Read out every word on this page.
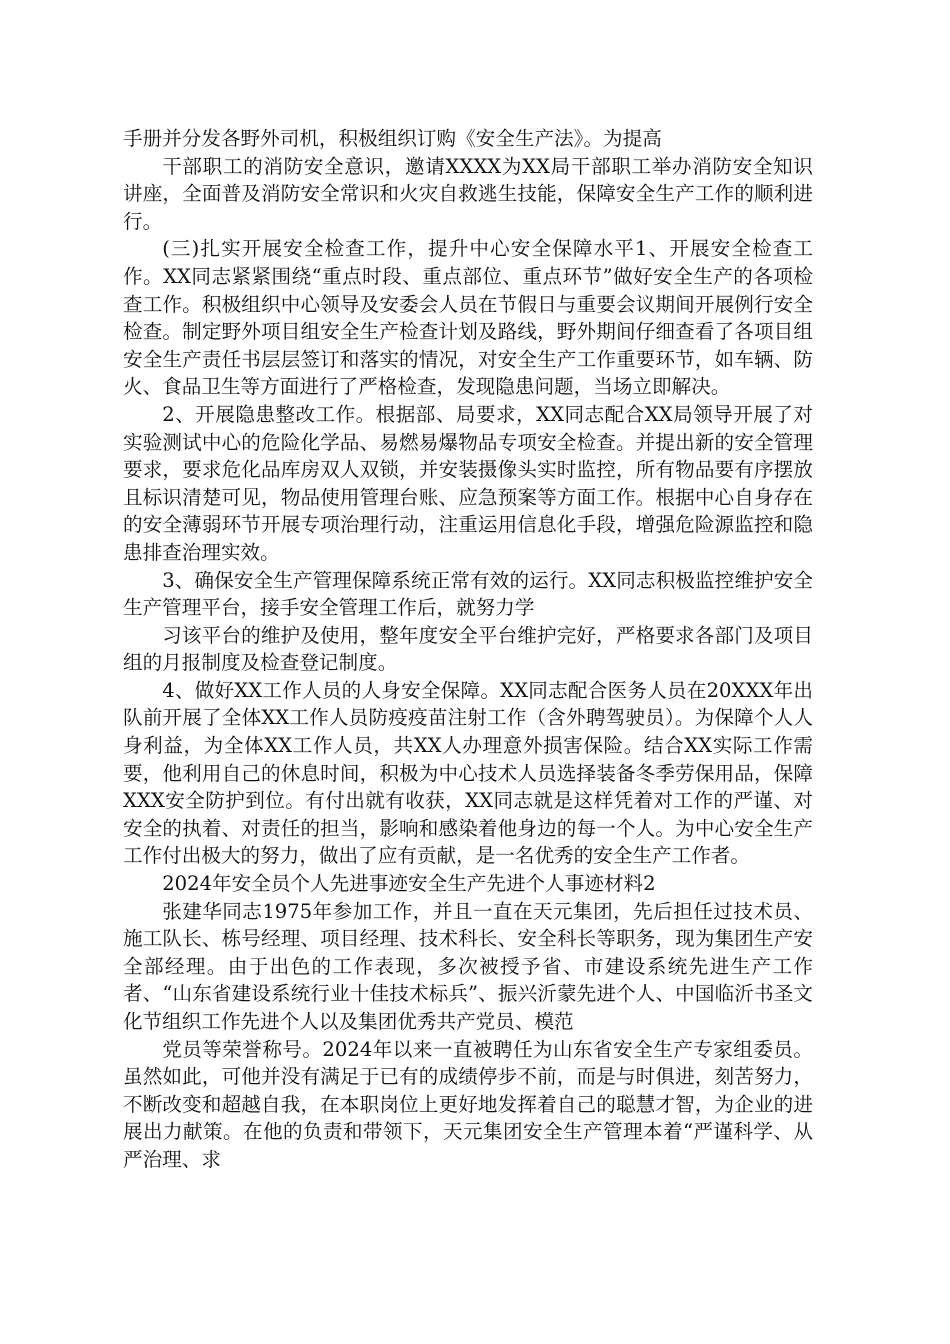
手册并分发各野外司机，积极组织订购《安全生产法》。为提高

干部职工的消防安全意识，邀请XXXX为XX局干部职工举办消防安全知识讲座，全面普及消防安全常识和火灾自救逃生技能，保障安全生产工作的顺利进行。

(三)扎实开展安全检查工作，提升中心安全保障水平1、开展安全检查工作。XX同志紧紧围绕“重点时段、重点部位、重点环节”做好安全生产的各项检查工作。积极组织中心领导及安委会人员在节假日与重要会议期间开展例行安全检查。制定野外项目组安全生产检查计划及路线，野外期间仔细查看了各项目组安全生产责任书层层签订和落实的情况，对安全生产工作重要环节，如车辆、防火、食品卫生等方面进行了严格检查，发现隐患问题，当场立即解决。

2、开展隐患整改工作。根据部、局要求，XX同志配合XX局领导开展了对实验测试中心的危险化学品、易燃易爆物品专项安全检查。并提出新的安全管理要求，要求危化品库房双人双锁，并安装摄像头实时监控，所有物品要有序摆放且标识清楚可见，物品使用管理台账、应急预案等方面工作。根据中心自身存在的安全薄弱环节开展专项治理行动，注重运用信息化手段，增强危险源监控和隐患排查治理实效。

3、确保安全生产管理保障系统正常有效的运行。XX同志积极监控维护安全生产管理平台，接手安全管理工作后，就努力学

习该平台的维护及使用，整年度安全平台维护完好，严格要求各部门及项目组的月报制度及检查登记制度。

4、做好XX工作人员的人身安全保障。XX同志配合医务人员在20XXX年出队前开展了全体XX工作人员防疫疫苗注射工作（含外聘驾驶员）。为保障个人人身利益，为全体XX工作人员，共XX人办理意外损害保险。结合XX实际工作需要，他利用自己的休息时间，积极为中心技术人员选择装备冬季劳保用品，保障XXX安全防护到位。有付出就有收获，XX同志就是这样凭着对工作的严谨、对安全的执着、对责任的担当，影响和感染着他身边的每一个人。为中心安全生产工作付出极大的努力，做出了应有贡献，是一名优秀的安全生产工作者。

2024年安全员个人先进事迹安全生产先进个人事迹材料2

张建华同志1975年参加工作，并且一直在天元集团，先后担任过技术员、施工队长、栋号经理、项目经理、技术科长、安全科长等职务，现为集团生产安全部经理。由于出色的工作表现，多次被授予省、市建设系统先进生产工作者、“山东省建设系统行业十佳技术标兵”、振兴沂蒙先进个人、中国临沂书圣文化节组织工作先进个人以及集团优秀共产党员、模范

党员等荣誉称号。2024年以来一直被聘任为山东省安全生产专家组委员。虽然如此，可他并没有满足于已有的成绩停步不前，而是与时俱进，刻苦努力，不断改变和超越自我，在本职岗位上更好地发挥着自己的聪慧才智，为企业的进展出力献策。在他的负责和带领下，天元集团安全生产管理本着“严谨科学、从严治理、求
